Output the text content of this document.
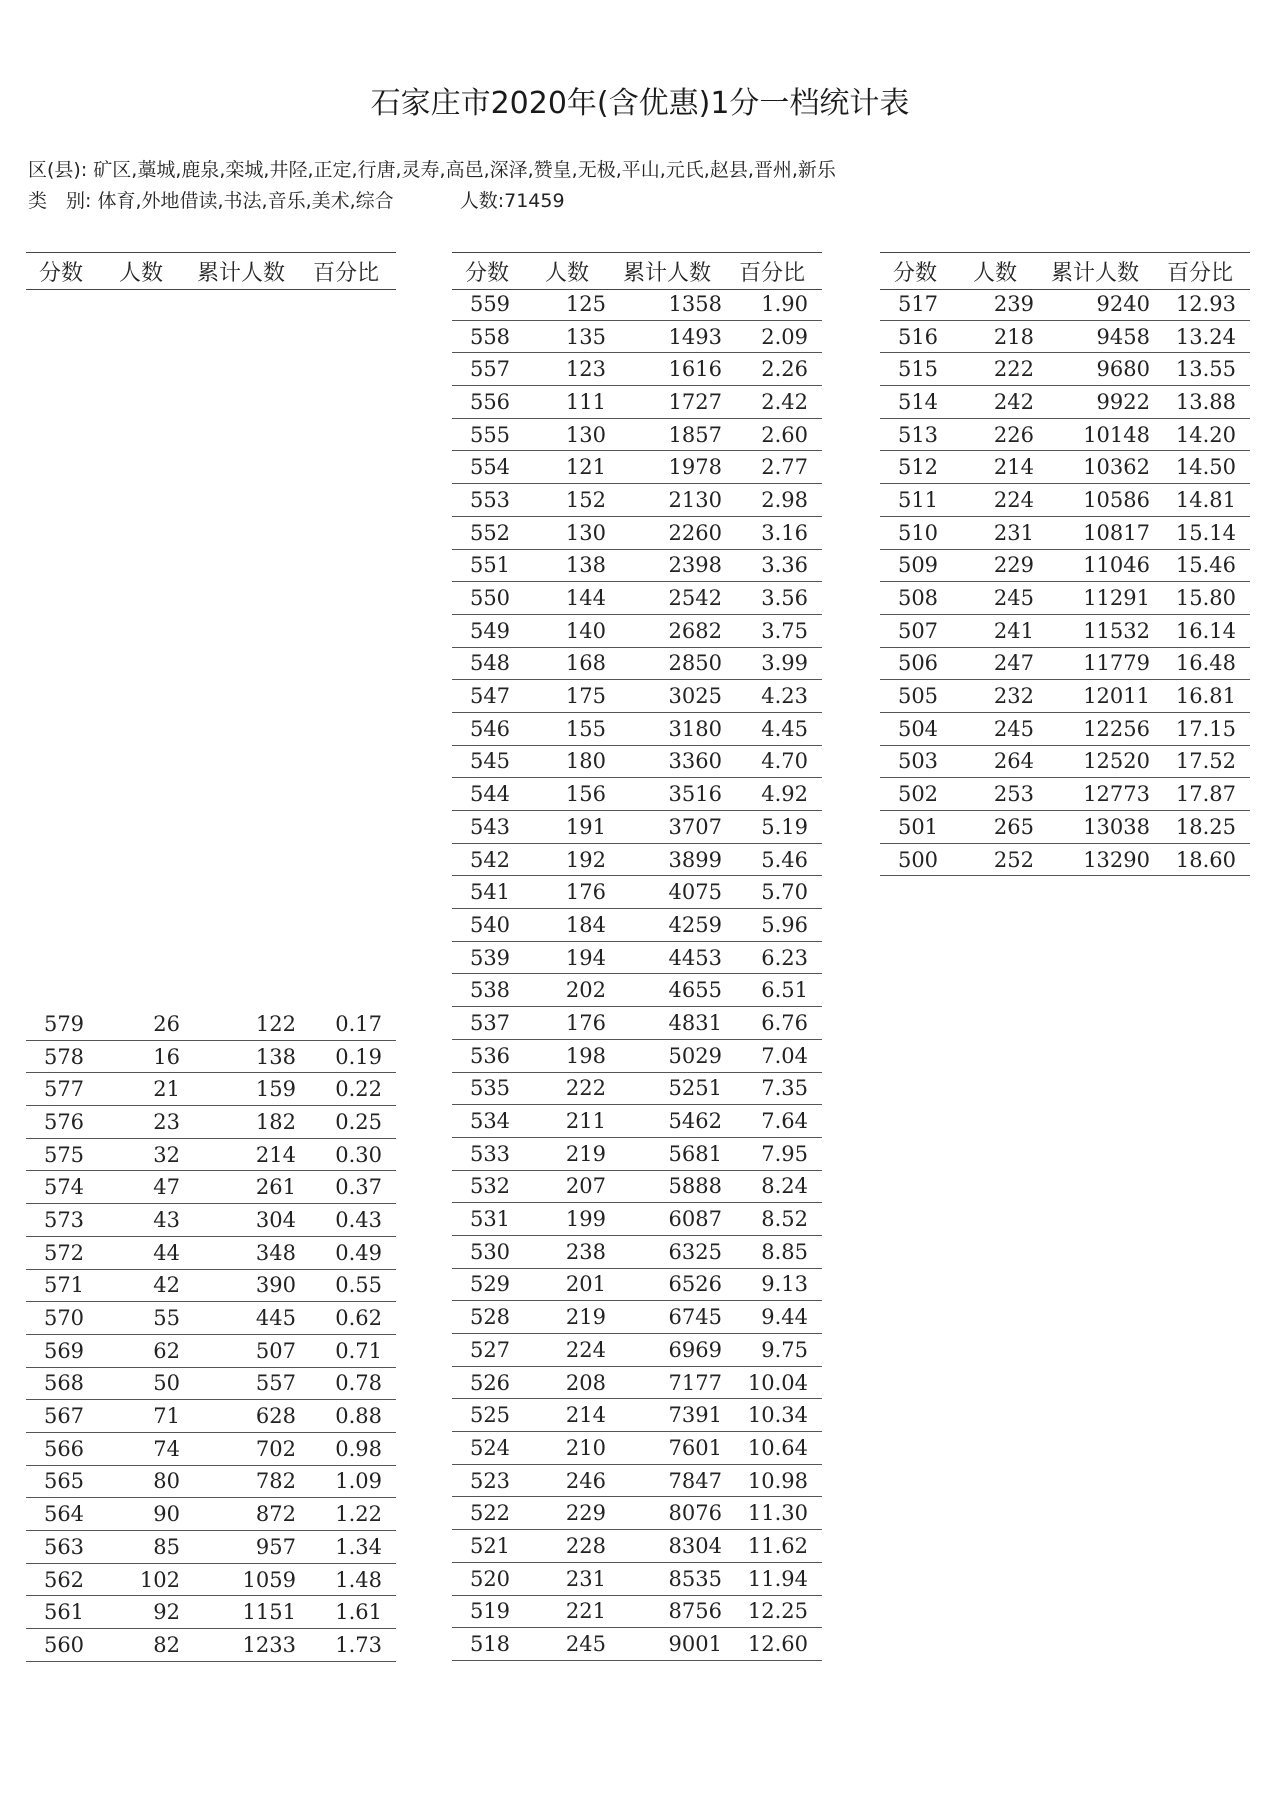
石家庄市2020年(含优惠)1分一档统计表
区(县): 矿区,藁城,鹿泉,栾城,井陉,正定,行唐,灵寿,高邑,深泽,赞皇,无极,平山,元氏,赵县,晋州,新乐
类　别: 体育,外地借读,书法,音乐,美术,综合	人数:71459
分数	人数	累计人数	百分比
579	26	122	0.17
578	16	138	0.19
577	21	159	0.22
576	23	182	0.25
575	32	214	0.30
574	47	261	0.37
573	43	304	0.43
572	44	348	0.49
571	42	390	0.55
570	55	445	0.62
569	62	507	0.71
568	50	557	0.78
567	71	628	0.88
566	74	702	0.98
565	80	782	1.09
564	90	872	1.22
563	85	957	1.34
562	102	1059	1.48
561	92	1151	1.61
560	82	1233	1.73
分数	人数	累计人数	百分比
559	125	1358	1.90
558	135	1493	2.09
557	123	1616	2.26
556	111	1727	2.42
555	130	1857	2.60
554	121	1978	2.77
553	152	2130	2.98
552	130	2260	3.16
551	138	2398	3.36
550	144	2542	3.56
549	140	2682	3.75
548	168	2850	3.99
547	175	3025	4.23
546	155	3180	4.45
545	180	3360	4.70
544	156	3516	4.92
543	191	3707	5.19
542	192	3899	5.46
541	176	4075	5.70
540	184	4259	5.96
539	194	4453	6.23
538	202	4655	6.51
537	176	4831	6.76
536	198	5029	7.04
535	222	5251	7.35
534	211	5462	7.64
533	219	5681	7.95
532	207	5888	8.24
531	199	6087	8.52
530	238	6325	8.85
529	201	6526	9.13
528	219	6745	9.44
527	224	6969	9.75
526	208	7177	10.04
525	214	7391	10.34
524	210	7601	10.64
523	246	7847	10.98
522	229	8076	11.30
521	228	8304	11.62
520	231	8535	11.94
519	221	8756	12.25
518	245	9001	12.60
分数	人数	累计人数	百分比
517	239	9240	12.93
516	218	9458	13.24
515	222	9680	13.55
514	242	9922	13.88
513	226	10148	14.20
512	214	10362	14.50
511	224	10586	14.81
510	231	10817	15.14
509	229	11046	15.46
508	245	11291	15.80
507	241	11532	16.14
506	247	11779	16.48
505	232	12011	16.81
504	245	12256	17.15
503	264	12520	17.52
502	253	12773	17.87
501	265	13038	18.25
500	252	13290	18.60
